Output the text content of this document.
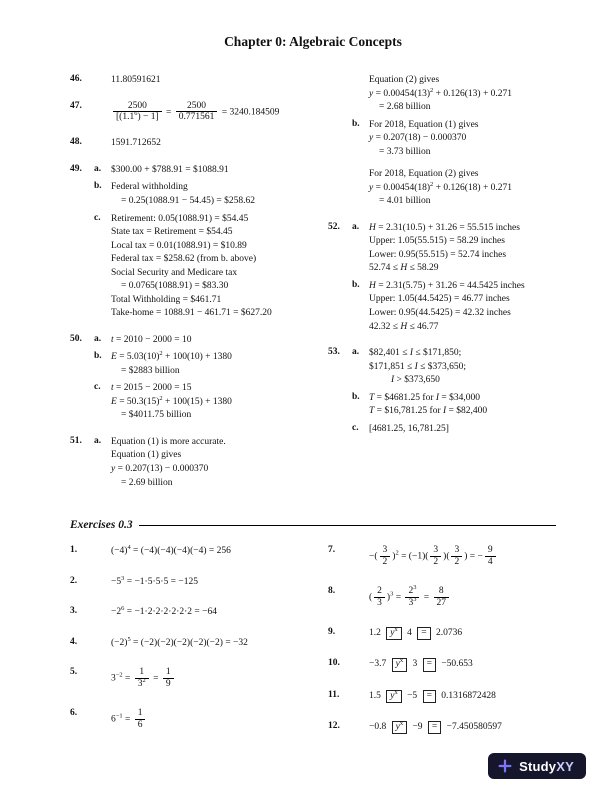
Chapter 0: Algebraic Concepts
46.	11.80591621
47.	$\frac{2500}{[(1.1^6) - 1]} = \frac{2500}{0.771561} = 3240.184509$
48.	1591.712652
49.	a.	$300.00 + $788.91 = $1088.91
b. Federal withholding
= 0.25(1088.91 − 54.45) = $258.62
c.	Retirement: 0.05(1088.91) = $54.45
State tax = Retirement = $54.45
Local tax = 0.01(1088.91) = $10.89
Federal tax = $258.62 (from b. above)
Social Security and Medicare tax
= 0.0765(1088.91) = $83.30
Total Withholding = $461.71
Take-home = 1088.91 − 461.71 = $627.20
50.	a.	t = 2010 − 2000 = 10
b. $E = 5.03(10)^2 + 100(10) + 1380$
= $2883 billion
c.	t = 2015 − 2000 = 15
$E = 50.3(15)^2 + 100(15) + 1380$
= $4011.75 billion
51.	a.	Equation (1) is more accurate.
Equation (1) gives
y = 0.207(13) − 0.000370
= 2.69 billion
Equation (2) gives
$y = 0.00454(13)^2 + 0.126(13) + 0.271$
= 2.68 billion
b. For 2018, Equation (1) gives
y = 0.207(18) − 0.000370
= 3.73 billion
For 2018, Equation (2) gives
$y = 0.00454(18)^2 + 0.126(18) + 0.271$
= 4.01 billion
52.	a.	H = 2.31(10.5) + 31.26 = 55.515 inches
Upper: 1.05(55.515) = 58.29 inches
Lower: 0.95(55.515) = 52.74 inches
52.74 ≤ H ≤ 58.29
b. H = 2.31(5.75) + 31.26 = 44.5425 inches
Upper: 1.05(44.5425) = 46.77 inches
Lower: 0.95(44.5425) = 42.32 inches
42.32 ≤ H ≤ 46.77
53.	a.	$82,401 ≤ I ≤ $171,850;
$171,851 ≤ I ≤ $373,650;
I > $373,650
b. T = $4681.25 for I = $34,000
T = $16,781.25 for I = $82,400
c.	[4681.25, 16,781.25]
Exercises 0.3
1.	$(-4)^4 = (-4)(-4)(-4)(-4) = 256$
2.	$-5^3 = -1\cdot 5\cdot 5\cdot 5 = -125$
3.	$-2^6 = -1\cdot 2\cdot 2\cdot 2\cdot 2\cdot 2\cdot 2 = -64$
4.	$(-2)^5 = (-2)(-2)(-2)(-2)(-2) = -32$
5.
$3^{-2} = \frac{1}{3^2} = \frac{1}{9}$
6.
$6^{-1} = \frac{1}{6}$
7.
−( $\frac{3}{2} )^2 = (-1)( \frac{3}{2}$ )( $\frac{3}{2}$ ) = − $\frac{9}{4}$
8.
( $\frac{2}{3} )^3 = \frac{2^3}{3^3} = \frac{8}{27}$
9.	1.2 $y^x$ 4 = 2.0736
10.	−3.7 $y^x$ 3 = −50.653
11.	1.5 $y^x -5 = 0.1316872428$
12.	−0.8 $y^x -9 = -7.450580597$
StudyXY
